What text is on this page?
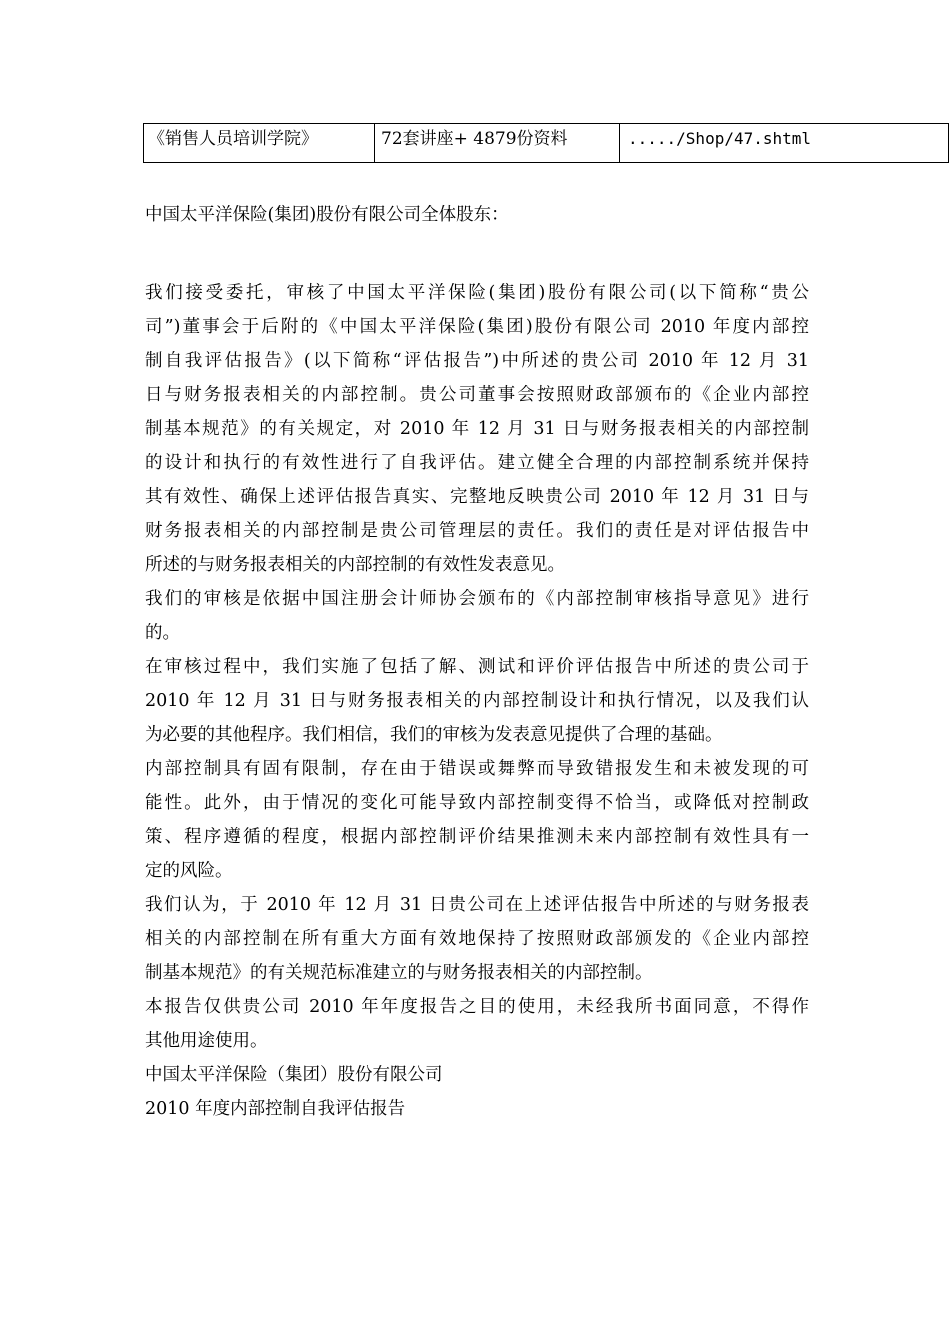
《销售人员培训学院》	72套讲座+ 4879份资料	...../Shop/47.shtml
中国太平洋保险(集团)股份有限公司全体股东：
我们接受委托，审核了中国太平洋保险(集团)股份有限公司(以下简称“贵公
司”)董事会于后附的《中国太平洋保险(集团)股份有限公司 2010 年度内部控
制自我评估报告》(以下简称“评估报告”)中所述的贵公司 2010 年 12 月 31
日与财务报表相关的内部控制。贵公司董事会按照财政部颁布的《企业内部控
制基本规范》的有关规定，对 2010 年 12 月 31 日与财务报表相关的内部控制
的设计和执行的有效性进行了自我评估。建立健全合理的内部控制系统并保持
其有效性、确保上述评估报告真实、完整地反映贵公司 2010 年 12 月 31 日与
财务报表相关的内部控制是贵公司管理层的责任。我们的责任是对评估报告中
所述的与财务报表相关的内部控制的有效性发表意见。
我们的审核是依据中国注册会计师协会颁布的《内部控制审核指导意见》进行
的。
在审核过程中，我们实施了包括了解、测试和评价评估报告中所述的贵公司于
2010 年 12 月 31 日与财务报表相关的内部控制设计和执行情况，以及我们认
为必要的其他程序。我们相信，我们的审核为发表意见提供了合理的基础。
内部控制具有固有限制，存在由于错误或舞弊而导致错报发生和未被发现的可
能性。此外，由于情况的变化可能导致内部控制变得不恰当，或降低对控制政
策、程序遵循的程度，根据内部控制评价结果推测未来内部控制有效性具有一
定的风险。
我们认为，于 2010 年 12 月 31 日贵公司在上述评估报告中所述的与财务报表
相关的内部控制在所有重大方面有效地保持了按照财政部颁发的《企业内部控
制基本规范》的有关规范标准建立的与财务报表相关的内部控制。
本报告仅供贵公司 2010 年年度报告之目的使用，未经我所书面同意，不得作
其他用途使用。
中国太平洋保险（集团）股份有限公司
2010 年度内部控制自我评估报告
